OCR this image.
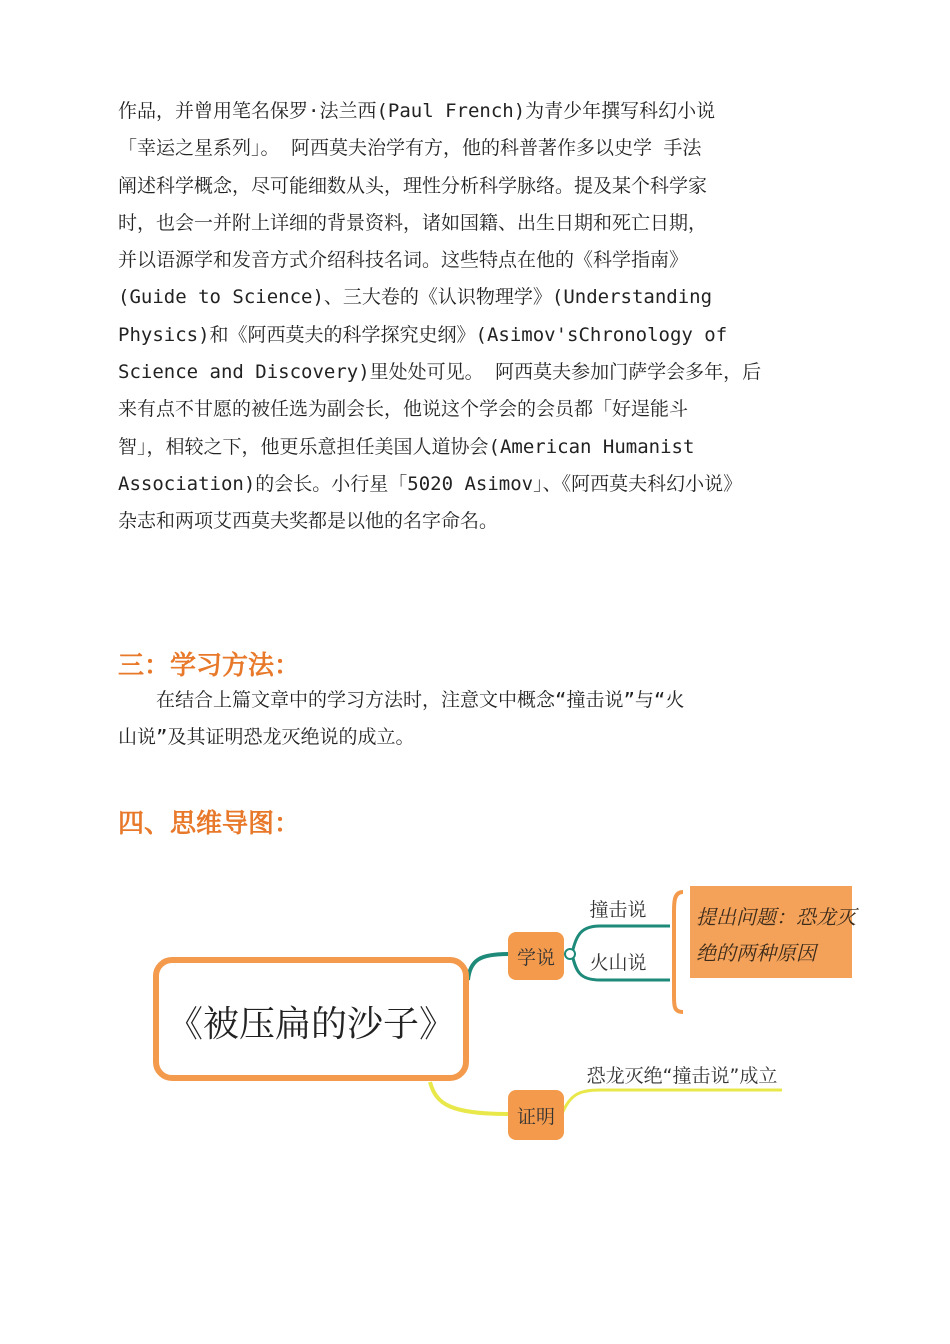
作品，并曾用笔名保罗·法兰西(Paul French)为青少年撰写科幻小说
「幸运之星系列」。 阿西莫夫治学有方，他的科普著作多以史学 手法
阐述科学概念，尽可能细数从头，理性分析科学脉络。提及某个科学家
时，也会一并附上详细的背景资料，诸如国籍、出生日期和死亡日期，
并以语源学和发音方式介绍科技名词。这些特点在他的《科学指南》
(Guide to Science)、三大卷的《认识物理学》(Understanding
Physics)和《阿西莫夫的科学探究史纲》(Asimov'sChronology of
Science and Discovery)里处处可见。 阿西莫夫参加门萨学会多年，后
来有点不甘愿的被任选为副会长，他说这个学会的会员都「好逞能斗
智」，相较之下，他更乐意担任美国人道协会(American Humanist
Association)的会长。小行星「5020 Asimov」、《阿西莫夫科幻小说》
杂志和两项艾西莫夫奖都是以他的名字命名。
三：学习方法：
　　在结合上篇文章中的学习方法时，注意文中概念“撞击说”与“火
山说”及其证明恐龙灭绝说的成立。
四、思维导图：
《被压扁的沙子》
学说
证明
撞击说
火山说
恐龙灭绝“撞击说”成立
提出问题：恐龙灭
绝的两种原因
